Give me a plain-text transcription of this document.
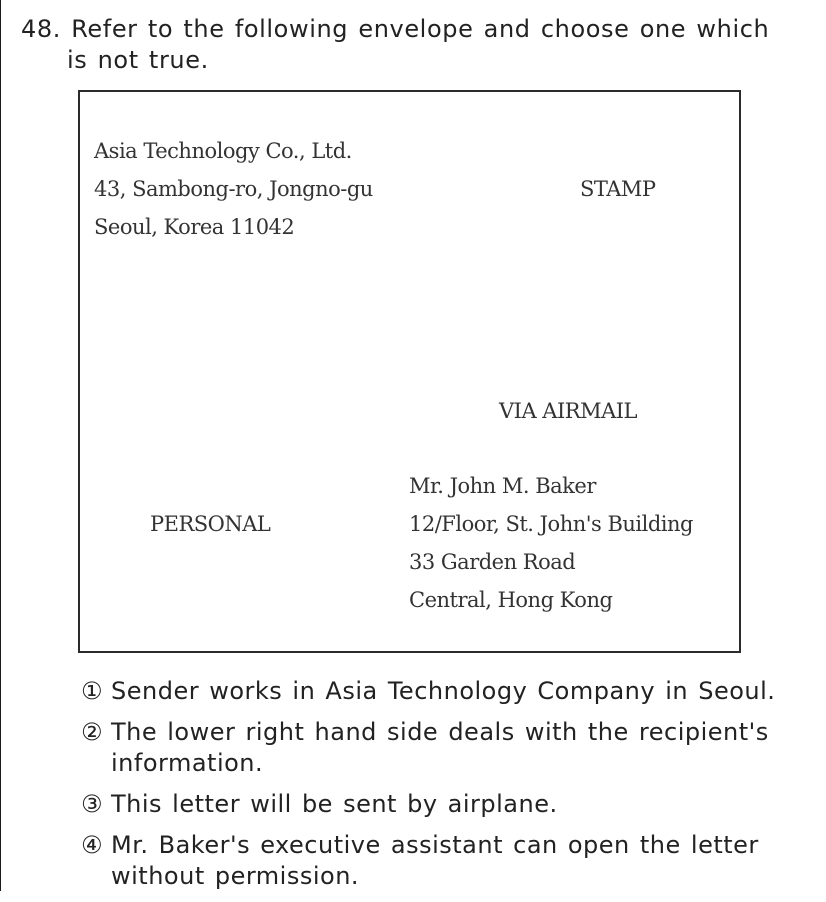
48. Refer to the following envelope and choose one which
is not true.
Asia Technology Co., Ltd.
43, Sambong-ro, Jongno-gu
Seoul, Korea 11042
STAMP
VIA AIRMAIL
PERSONAL
Mr. John M. Baker
12/Floor, St. John's Building
33 Garden Road
Central, Hong Kong
① Sender works in Asia Technology Company in Seoul.
② The lower right hand side deals with the recipient's information.
③ This letter will be sent by airplane.
④ Mr. Baker's executive assistant can open the letter without permission.
